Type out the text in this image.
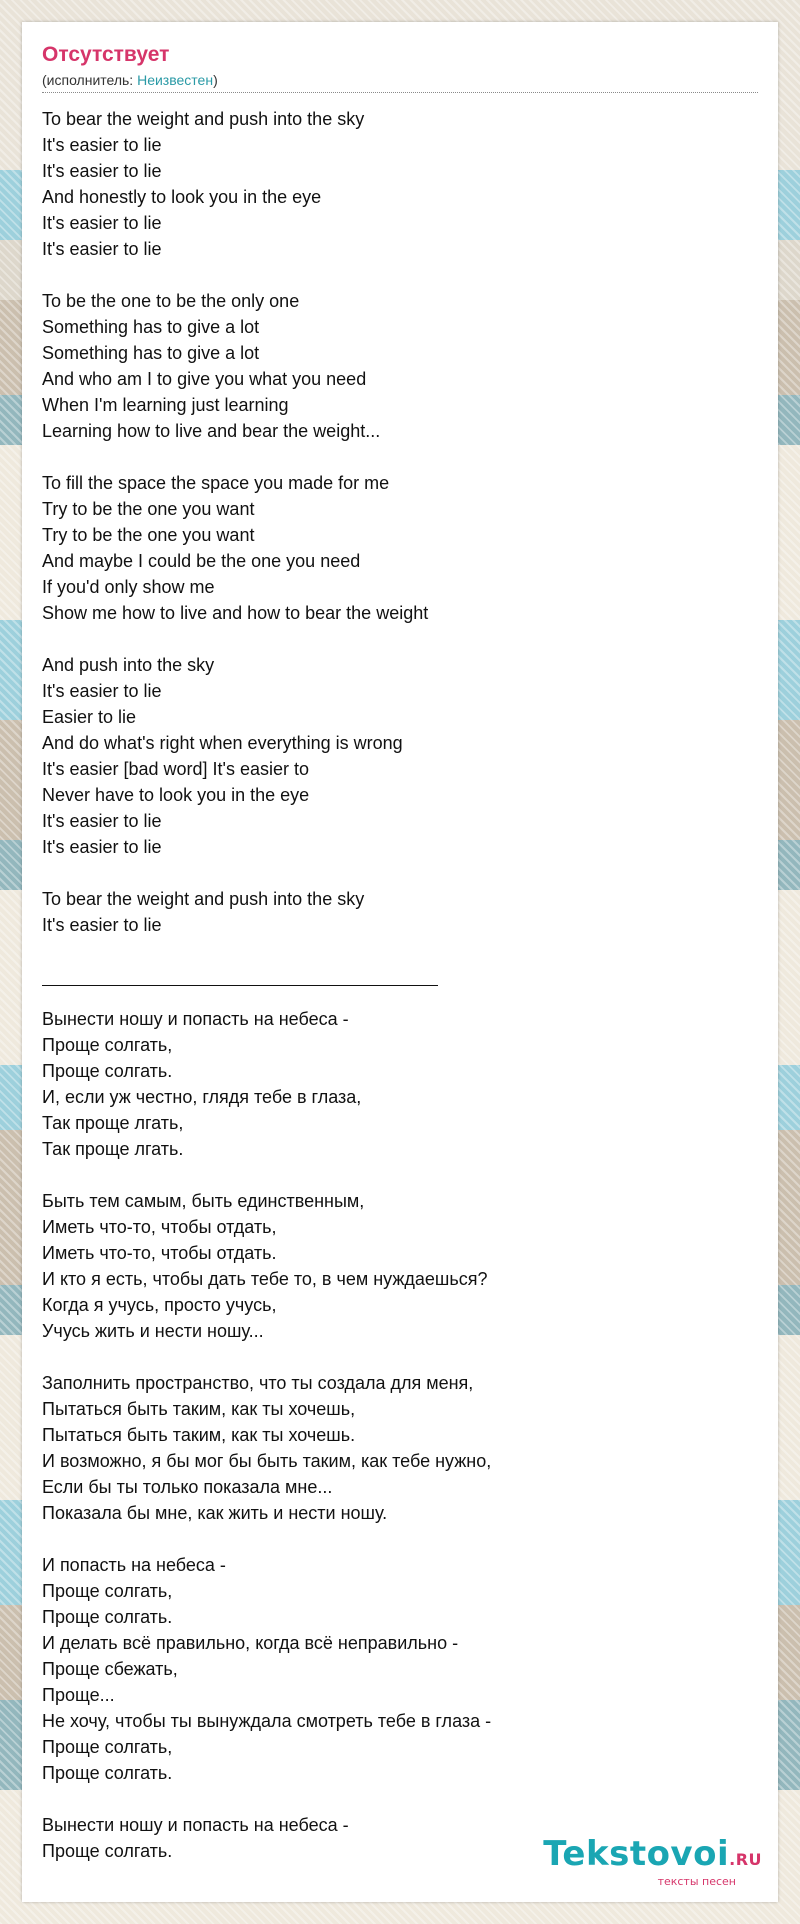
Отсутствует
(исполнитель: Неизвестен)
To bear the weight and push into the sky
It's easier to lie
It's easier to lie
And honestly to look you in the eye
It's easier to lie
It's easier to lie
To be the one to be the only one
Something has to give a lot
Something has to give a lot
And who am I to give you what you need
When I'm learning just learning
Learning how to live and bear the weight...
To fill the space the space you made for me
Try to be the one you want
Try to be the one you want
And maybe I could be the one you need
If you'd only show me
Show me how to live and how to bear the weight
And push into the sky
It's easier to lie
Easier to lie
And do what's right when everything is wrong
It's easier [bad word] It's easier to
Never have to look you in the eye
It's easier to lie
It's easier to lie
To bear the weight and push into the sky
It's easier to lie
Вынести ношу и попасть на небеса -
Проще солгать,
Проще солгать.
И, если уж честно, глядя тебе в глаза,
Так проще лгать,
Так проще лгать.
Быть тем самым, быть единственным,
Иметь что-то, чтобы отдать,
Иметь что-то, чтобы отдать.
И кто я есть, чтобы дать тебе то, в чем нуждаешься?
Когда я учусь, просто учусь,
Учусь жить и нести ношу...
Заполнить пространство, что ты создала для меня,
Пытаться быть таким, как ты хочешь,
Пытаться быть таким, как ты хочешь.
И возможно, я бы мог бы быть таким, как тебе нужно,
Если бы ты только показала мне...
Показала бы мне, как жить и нести ношу.
И попасть на небеса -
Проще солгать,
Проще солгать.
И делать всё правильно, когда всё неправильно -
Проще сбежать,
Проще...
Не хочу, чтобы ты вынуждала смотреть тебе в глаза -
Проще солгать,
Проще солгать.
Вынести ношу и попасть на небеса -
Проще солгать.	Tekstovoi.RU
тексты песен
